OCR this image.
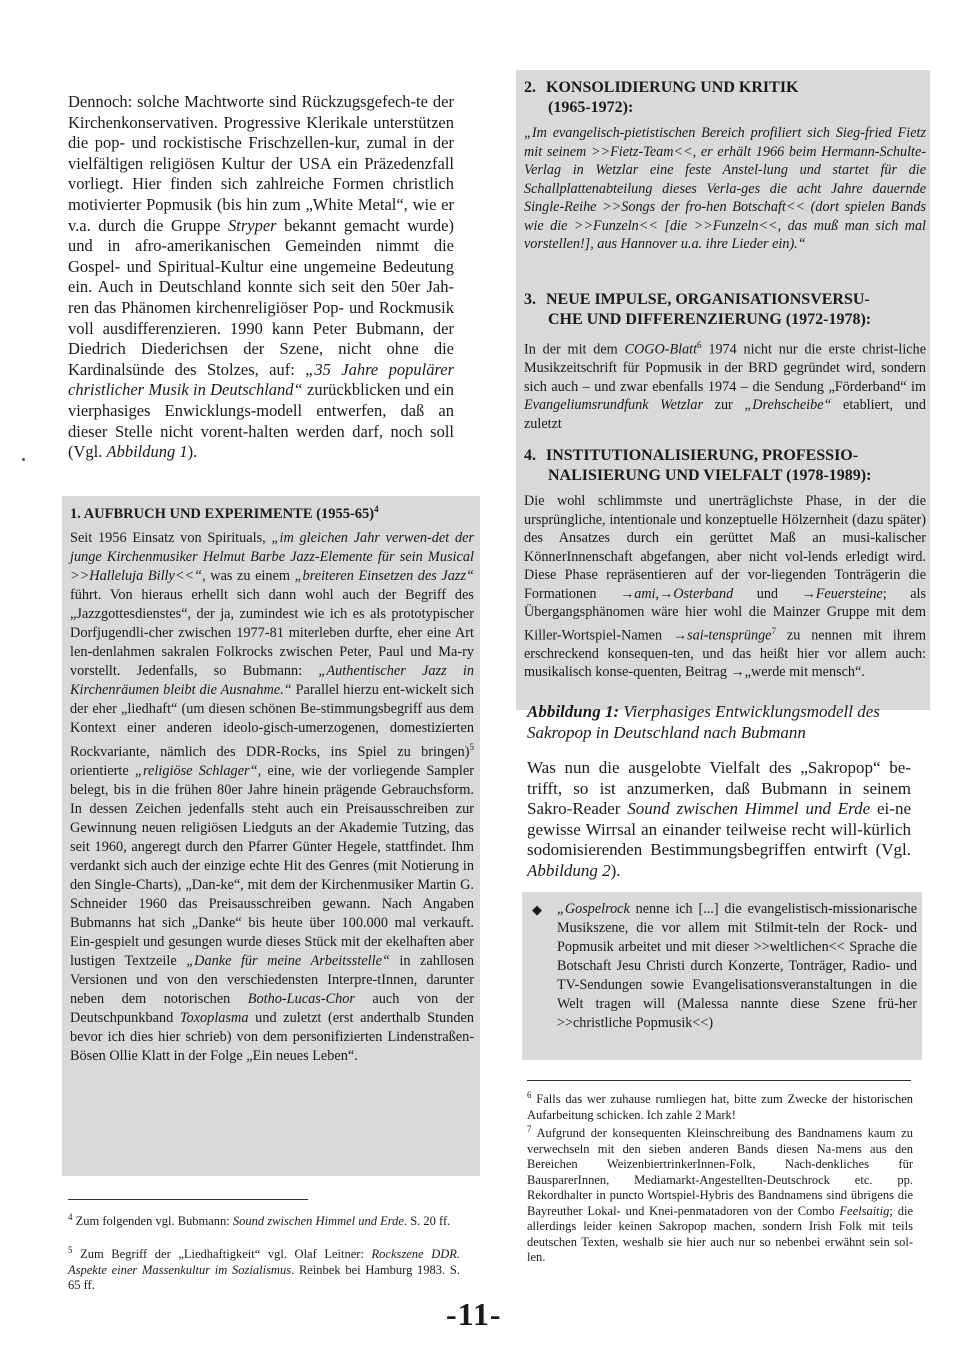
Dennoch: solche Machtworte sind Rückzugsgefech-te der Kirchenkonservativen. Progressive Klerikale unterstützen die pop- und rockistische Frischzellen-kur, zumal in der vielfältigen religiösen Kultur der USA ein Präzedenzfall vorliegt. Hier finden sich zahlreiche Formen christlich motivierter Popmusik (bis hin zum „White Metal“, wie er v.a. durch die Gruppe Stryper bekannt gemacht wurde) und in afro-amerikanischen Gemeinden nimmt die Gospel- und Spiritual-Kultur eine ungemeine Bedeutung ein. Auch in Deutschland konnte sich seit den 50er Jah-ren das Phänomen kirchenreligiöser Pop- und Rockmusik voll ausdifferenzieren. 1990 kann Peter Bubmann, der Diedrich Diederichsen der Szene, nicht ohne die Kardinalsünde des Stolzes, auf: „35 Jahre populärer christlicher Musik in Deutschland“ zurückblicken und ein vierphasiges Enwicklungs-modell entwerfen, daß an dieser Stelle nicht vorent-halten werden darf, noch soll (Vgl. Abbildung 1).

1. AUFBRUCH UND EXPERIMENTE (1955-65)$^4$

Seit 1956 Einsatz von Spirituals, „im gleichen Jahr verwen-det der junge Kirchenmusiker Helmut Barbe Jazz-Elemente für sein Musical >>Halleluja Billy<<“, was zu einem „breiteren Einsetzen des Jazz“ führt. Von hieraus erhellt sich dann wohl auch der Begriff des „Jazzgottesdienstes“, der ja, zumindest wie ich es als prototypischer Dorfjugendli-cher zwischen 1977-81 miterleben durfte, eher eine Art len-denlahmen sakralen Folkrocks zwischen Peter, Paul und Ma-ry vorstellt. Jedenfalls, so Bubmann: „Authentischer Jazz in Kirchenräumen bleibt die Ausnahme.“ Parallel hierzu ent-wickelt sich der eher „liedhaft“ (um diesen schönen Be-stimmungsbegriff aus dem Kontext einer anderen ideolo-gisch-umerzogenen, domestizierten Rockvariante, nämlich des DDR-Rocks, ins Spiel zu bringen)$^5$ orientierte „religiöse Schlager“, eine, wie der vorliegende Sampler belegt, bis in die frühen 80er Jahre hinein prägende Gebrauchsform. In dessen Zeichen jedenfalls steht auch ein Preisausschreiben zur Gewinnung neuen religiösen Liedguts an der Akademie Tutzing, das seit 1960, angeregt durch den Pfarrer Günter Hegele, stattfindet. Ihm verdankt sich auch der einzige echte Hit des Genres (mit Notierung in den Single-Charts), „Dan-ke“, mit dem der Kirchenmusiker Martin G. Schneider 1960 das Preisausschreiben gewann. Nach Angaben Bubmanns hat sich „Danke“ bis heute über 100.000 mal verkauft. Ein-gespielt und gesungen wurde dieses Stück mit der ekelhaften aber lustigen Textzeile „Danke für meine Arbeitsstelle“ in zahllosen Versionen und von den verschiedensten Interpre-tInnen, darunter neben dem notorischen Botho-Lucas-Chor auch von der Deutschpunkband Toxoplasma und zuletzt (erst anderthalb Stunden bevor ich dies hier schrieb) von dem personifizierten Lindenstraßen-Bösen Ollie Klatt in der Folge „Ein neues Leben“.

$^4$ Zum folgenden vgl. Bubmann: Sound zwischen Himmel und Erde. S. 20 ff.

$^5$ Zum Begriff der „Liedhaftigkeit“ vgl. Olaf Leitner: Rockszene DDR. Aspekte einer Massenkultur im Sozialismus. Reinbek bei Hamburg 1983. S. 65 ff.

2. KONSOLIDIERUNG UND KRITIK
(1965-1972):

„Im evangelisch-pietistischen Bereich profiliert sich Sieg-fried Fietz mit seinem >>Fietz-Team<<, er erhält 1966 beim Hermann-Schulte-Verlag in Wetzlar eine feste Anstel-lung und startet für die Schallplattenabteilung dieses Verla-ges die acht Jahre dauernde Single-Reihe >>Songs der fro-hen Botschaft<< (dort spielen Bands wie die >>Funzeln<< [die >>Funzeln<<, das muß man sich mal vorstellen!], aus Hannover u.a. ihre Lieder ein).“

3. NEUE IMPULSE, ORGANISATIONSVERSU-
CHE UND DIFFERENZIERUNG (1972-1978):

In der mit dem COGO-Blatt$^6$ 1974 nicht nur die erste christ-liche Musikzeitschrift für Popmusik in der BRD gegründet wird, sondern sich auch – und zwar ebenfalls 1974 – die Sendung „Förderband“ im Evangeliumsrundfunk Wetzlar zur „Drehscheibe“ etabliert, und zuletzt

4. INSTITUTIONALISIERUNG, PROFESSIO-
NALISIERUNG UND VIELFALT (1978-1989):

Die wohl schlimmste und unerträglichste Phase, in der die ursprüngliche, intentionale und konzeptuelle Hölzernheit (dazu später) des Ansatzes durch ein gerüttet Maß an musi-kalischer KönnerInnenschaft abgefangen, aber nicht vol-lends erledigt wird. Diese Phase repräsentieren auf der vor-liegenden Tonträgerin die Formationen →ami,→Osterband und →Feuersteine; als Übergangsphänomen wäre hier wohl die Mainzer Gruppe mit dem Killer-Wortspiel-Namen →sai-tensprünge$^7$ zu nennen mit ihrem erschreckend konsequen-ten, und das heißt hier vor allem auch: musikalisch konse-quenten, Beitrag →„werde mit mensch“.

Abbildung 1: Vierphasiges Entwicklungsmodell des Sakropop in Deutschland nach Bubmann

Was nun die ausgelobte Vielfalt des „Sakropop“ be-trifft, so ist anzumerken, daß Bubmann in seinem Sakro-Reader Sound zwischen Himmel und Erde ei-ne gewisse Wirrsal an einander teilweise recht will-kürlich sodomisierenden Bestimmungsbegriffen entwirft (Vgl. Abbildung 2).

◆	„Gospelrock nenne ich [...] die evangelistisch-missionarische Musikszene, die vor allem mit Stilmit-teln der Rock- und Popmusik arbeitet und mit dieser >>weltlichen<< Sprache die Botschaft Jesu Christi durch Konzerte, Tonträger, Radio- und TV-Sendungen sowie Evangelisationsveranstaltungen in die Welt tragen will (Malessa nannte diese Szene frü-her >>christliche Popmusik<<)

$^6$ Falls das wer zuhause rumliegen hat, bitte zum Zwecke der historischen Aufarbeitung schicken. Ich zahle 2 Mark!

$^7$ Aufgrund der konsequenten Kleinschreibung des Bandnamens kaum zu verwechseln mit den sieben anderen Bands diesen Na-mens aus den Bereichen WeizenbiertrinkerInnen-Folk, Nach-denkliches für BausparerInnen, Mediamarkt-Angestellten-Deutschrock etc. pp. Rekordhalter in puncto Wortspiel-Hybris des Bandnamens sind übrigens die Bayreuther Lokal- und Knei-penmatadoren von der Combo Feelsaitig; die allerdings leider keinen Sakropop machen, sondern Irish Folk mit teils deutschen Texten, weshalb sie hier auch nur so nebenbei erwähnt sein sol-len.

-11-
